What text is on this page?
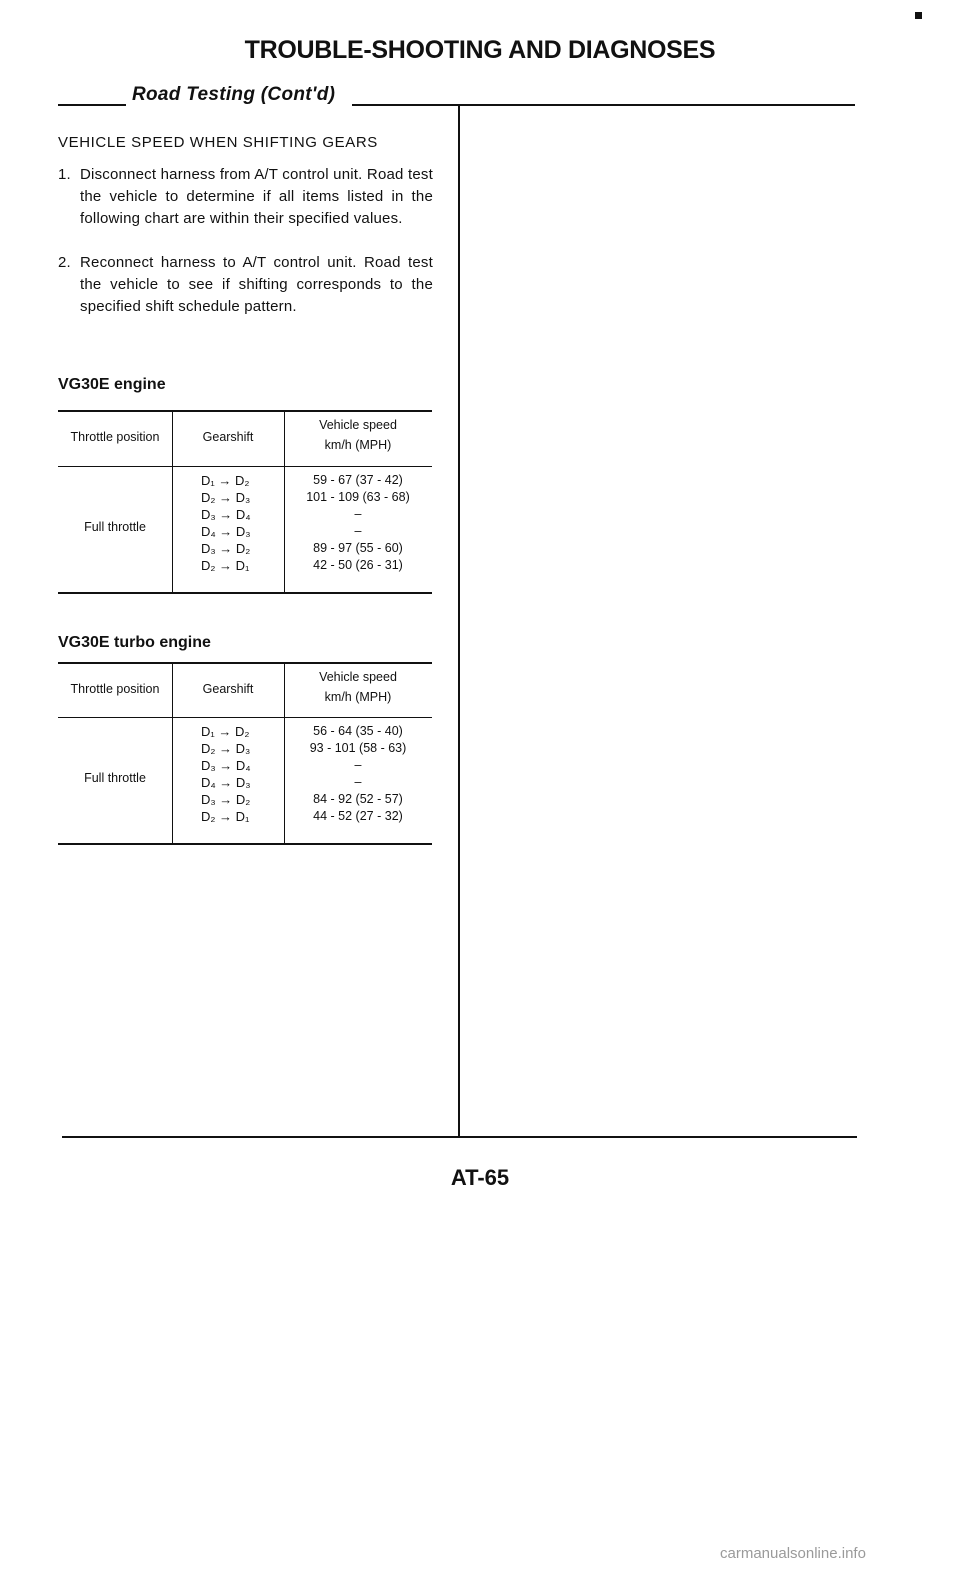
TROUBLE-SHOOTING AND DIAGNOSES
Road Testing (Cont'd)
VEHICLE SPEED WHEN SHIFTING GEARS
1. Disconnect harness from A/T control unit. Road test the vehicle to determine if all items listed in the following chart are within their specified values.
2. Reconnect harness to A/T control unit. Road test the vehicle to see if shifting corresponds to the specified shift schedule pattern.
VG30E engine
Throttle position	Gearshift
Vehicle speed
km/h (MPH)
Full throttle
D₁ → D₂
D₂ → D₃
D₃ → D₄
D₄ → D₃
D₃ → D₂
D₂ → D₁
59 - 67 (37 - 42)
101 - 109 (63 - 68)
–
–
89 - 97 (55 - 60)
42 - 50 (26 - 31)
VG30E turbo engine
Throttle position	Gearshift
Vehicle speed
km/h (MPH)
Full throttle
D₁ → D₂
D₂ → D₃
D₃ → D₄
D₄ → D₃
D₃ → D₂
D₂ → D₁
56 - 64 (35 - 40)
93 - 101 (58 - 63)
–
–
84 - 92 (52 - 57)
44 - 52 (27 - 32)
AT-65
carmanualsonline.info
